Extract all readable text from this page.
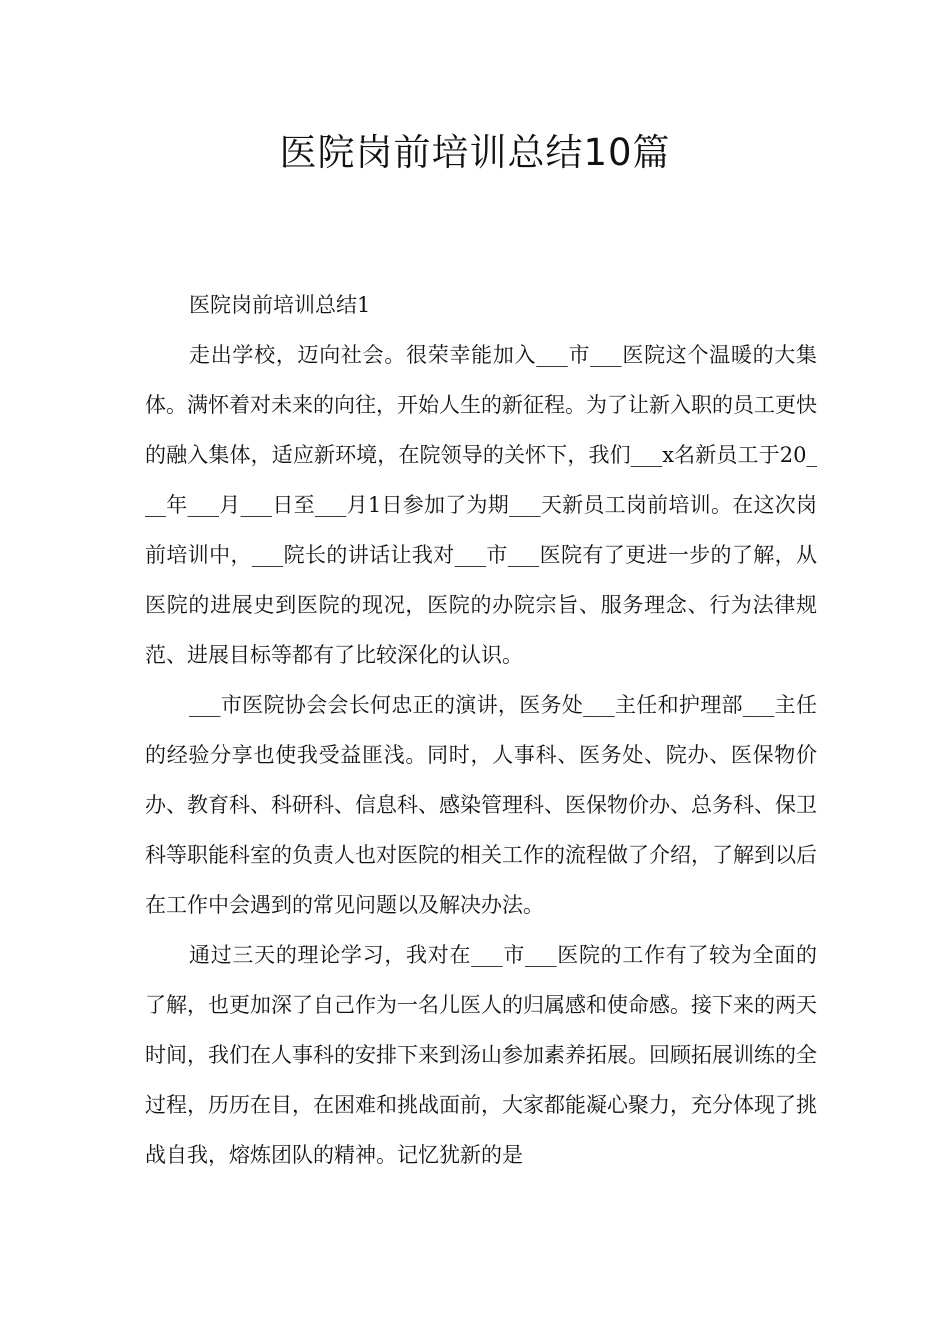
医院岗前培训总结10篇

医院岗前培训总结1

走出学校，迈向社会。很荣幸能加入___市___医院这个温暖的大集体。满怀着对未来的向往，开始人生的新征程。为了让新入职的员工更快的融入集体，适应新环境，在院领导的关怀下，我们___x名新员工于20___年___月___日至___月1日参加了为期___天新员工岗前培训。在这次岗前培训中，___院长的讲话让我对___市___医院有了更进一步的了解，从医院的进展史到医院的现况，医院的办院宗旨、服务理念、行为法律规范、进展目标等都有了比较深化的认识。

___市医院协会会长何忠正的演讲，医务处___主任和护理部___主任的经验分享也使我受益匪浅。同时，人事科、医务处、院办、医保物价办、教育科、科研科、信息科、感染管理科、医保物价办、总务科、保卫科等职能科室的负责人也对医院的相关工作的流程做了介绍，了解到以后在工作中会遇到的常见问题以及解决办法。

通过三天的理论学习，我对在___市___医院的工作有了较为全面的了解，也更加深了自己作为一名儿医人的归属感和使命感。接下来的两天时间，我们在人事科的安排下来到汤山参加素养拓展。回顾拓展训练的全过程，历历在目，在困难和挑战面前，大家都能凝心聚力，充分体现了挑战自我，熔炼团队的精神。记忆犹新的是
